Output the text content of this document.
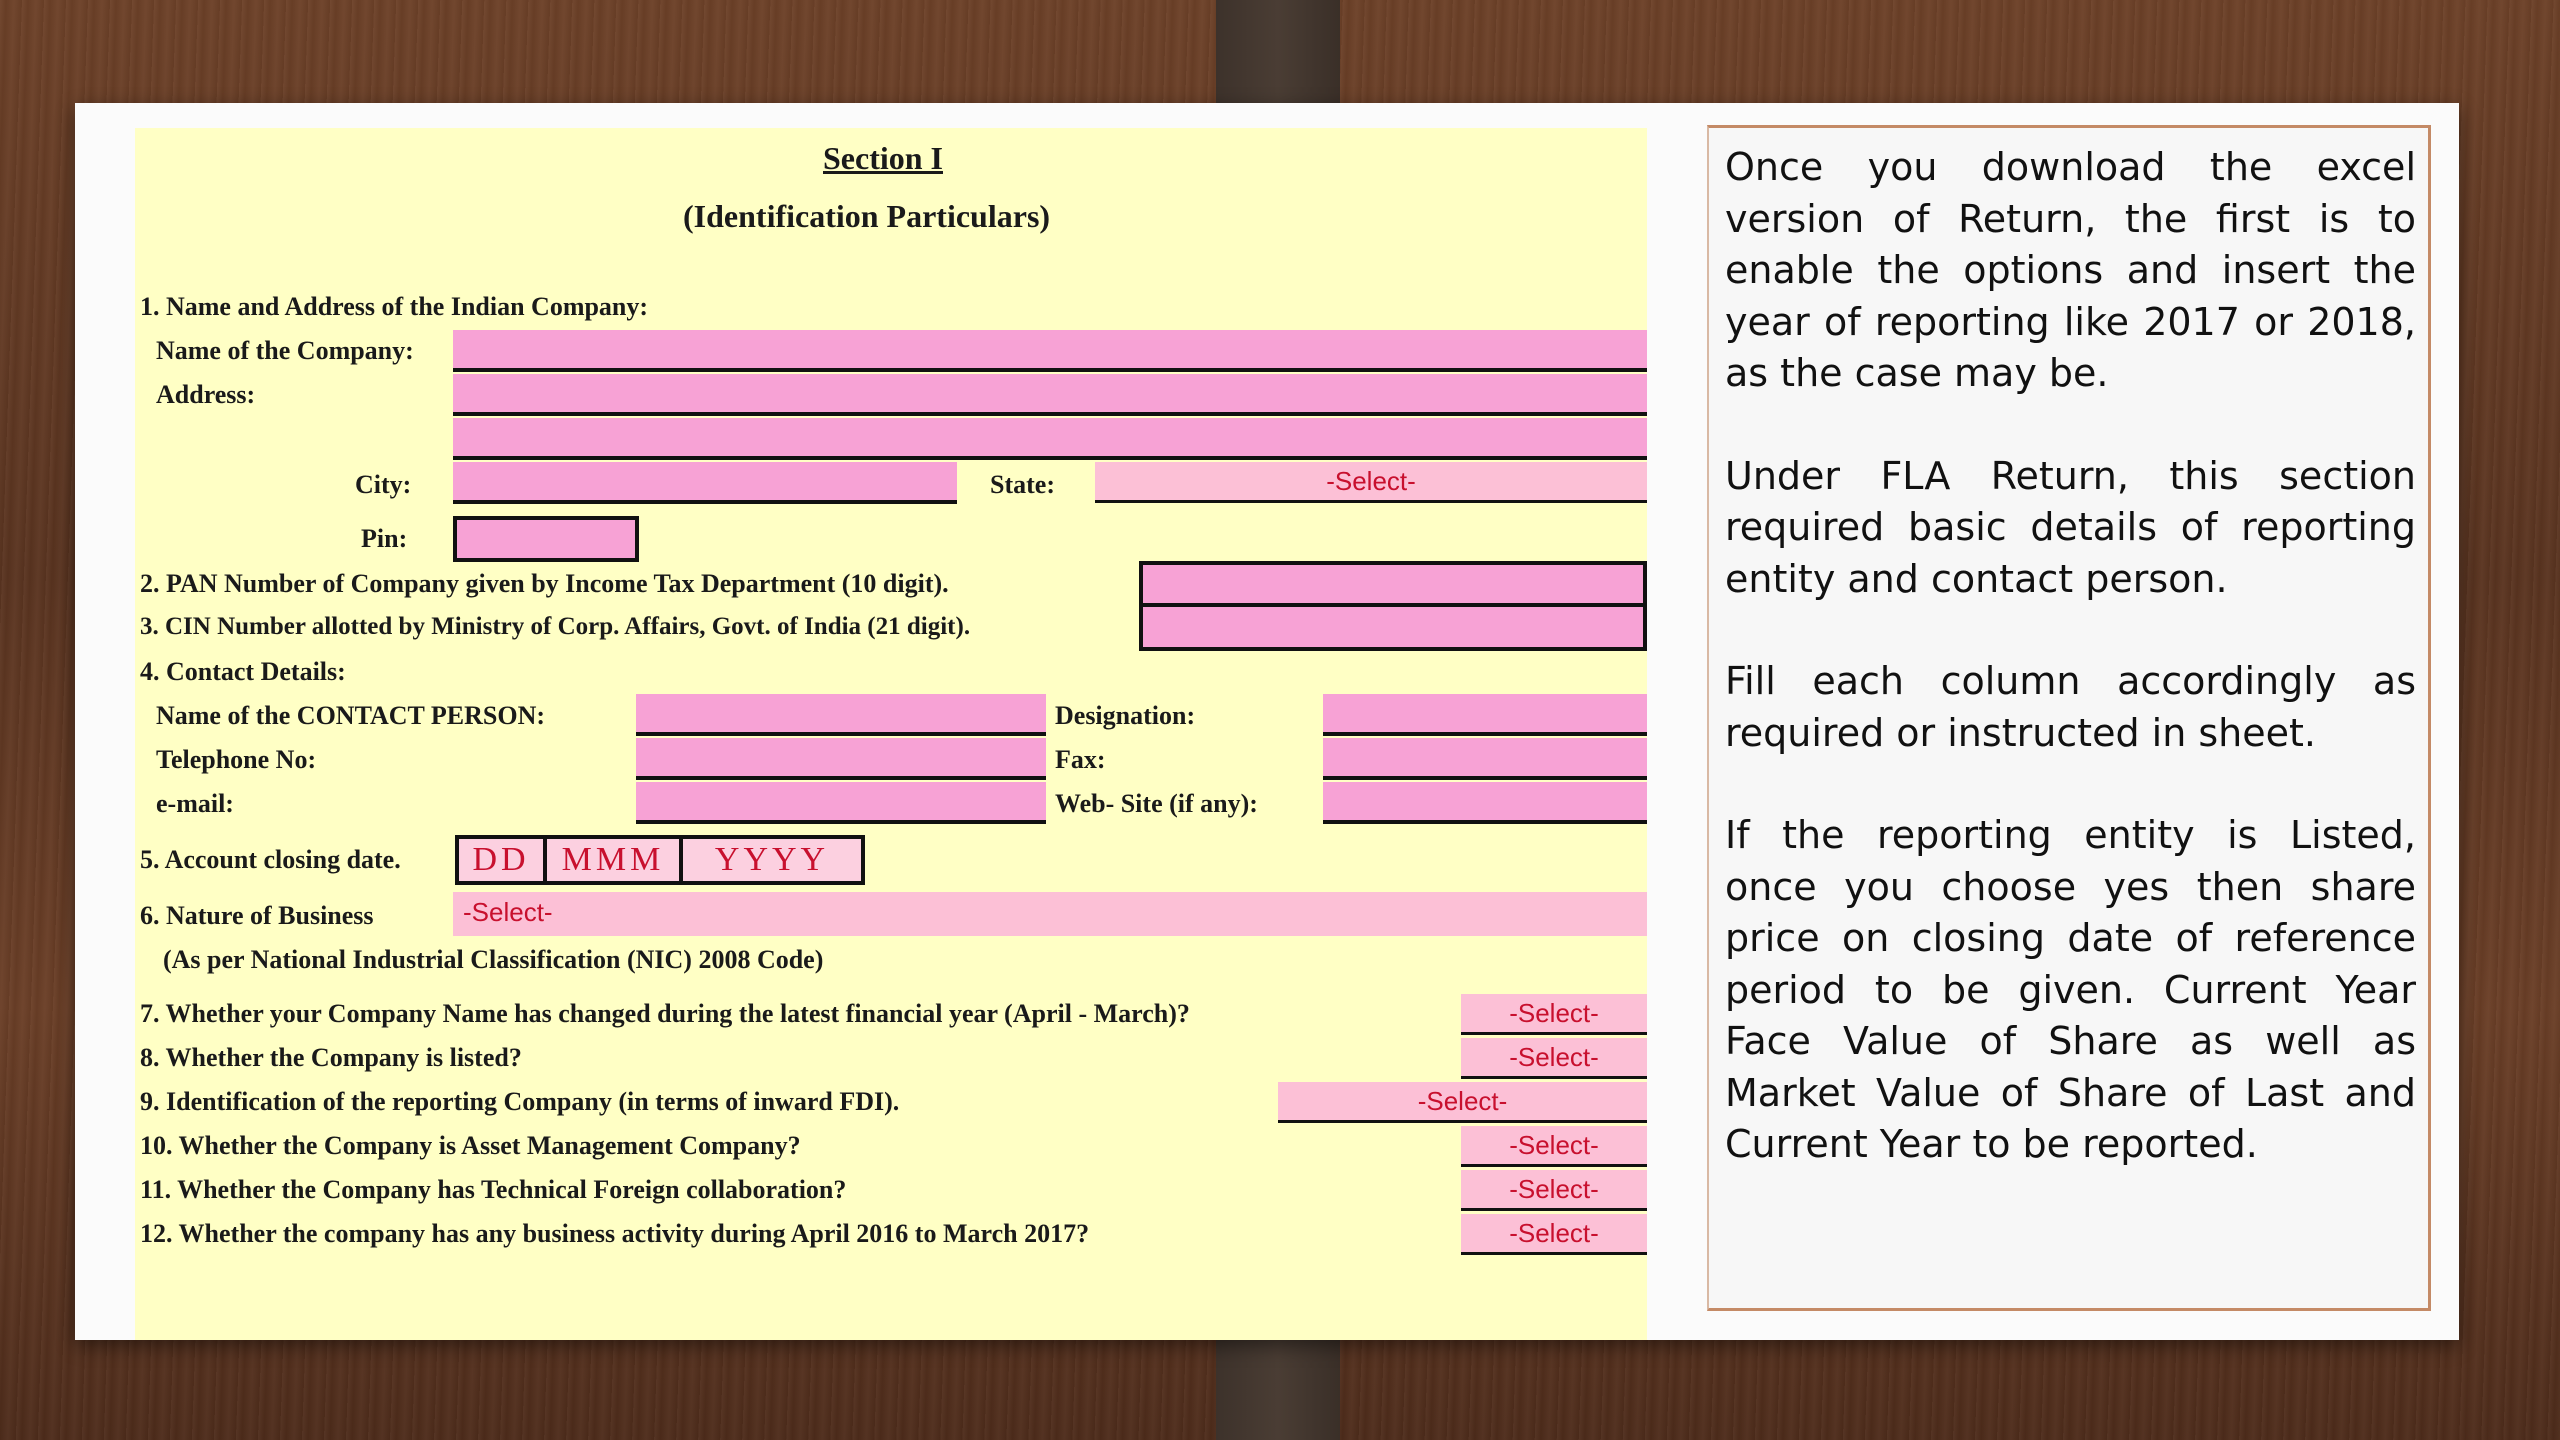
Section I
(Identification Particulars)
1. Name and Address of the Indian Company:
Name of the Company:
Address:
City:	State:	-Select-
Pin:
2. PAN Number of Company given by Income Tax Department (10 digit).
3. CIN Number allotted by Ministry of Corp. Affairs, Govt. of India (21 digit).
4. Contact Details:
Name of the CONTACT PERSON:	Designation:
Telephone No:	Fax:
e-mail:	Web- Site (if any):
5. Account closing date.	DD MMM	YYYY
6. Nature of Business	-Select-
(As per National Industrial Classification (NIC) 2008 Code)
7. Whether your Company Name has changed during the latest financial year (April - March)?	-Select-
8. Whether the Company is listed?	-Select-
9. Identification of the reporting Company (in terms of inward FDI).	-Select-
10. Whether the Company is Asset Management Company?	-Select-
11. Whether the Company has Technical Foreign collaboration?	-Select-
12. Whether the company has any business activity during April 2016 to March 2017?	-Select-

Once you download the excel version of Return, the first is to enable the options and insert the year of reporting like 2017 or 2018, as the case may be.

Under FLA Return, this section required basic details of reporting entity and contact person.

Fill each column accordingly as required or instructed in sheet.

If the reporting entity is Listed, once you choose yes then share price on closing date of reference period to be given. Current Year Face Value of Share as well as Market Value of Share of Last and Current Year to be reported.
